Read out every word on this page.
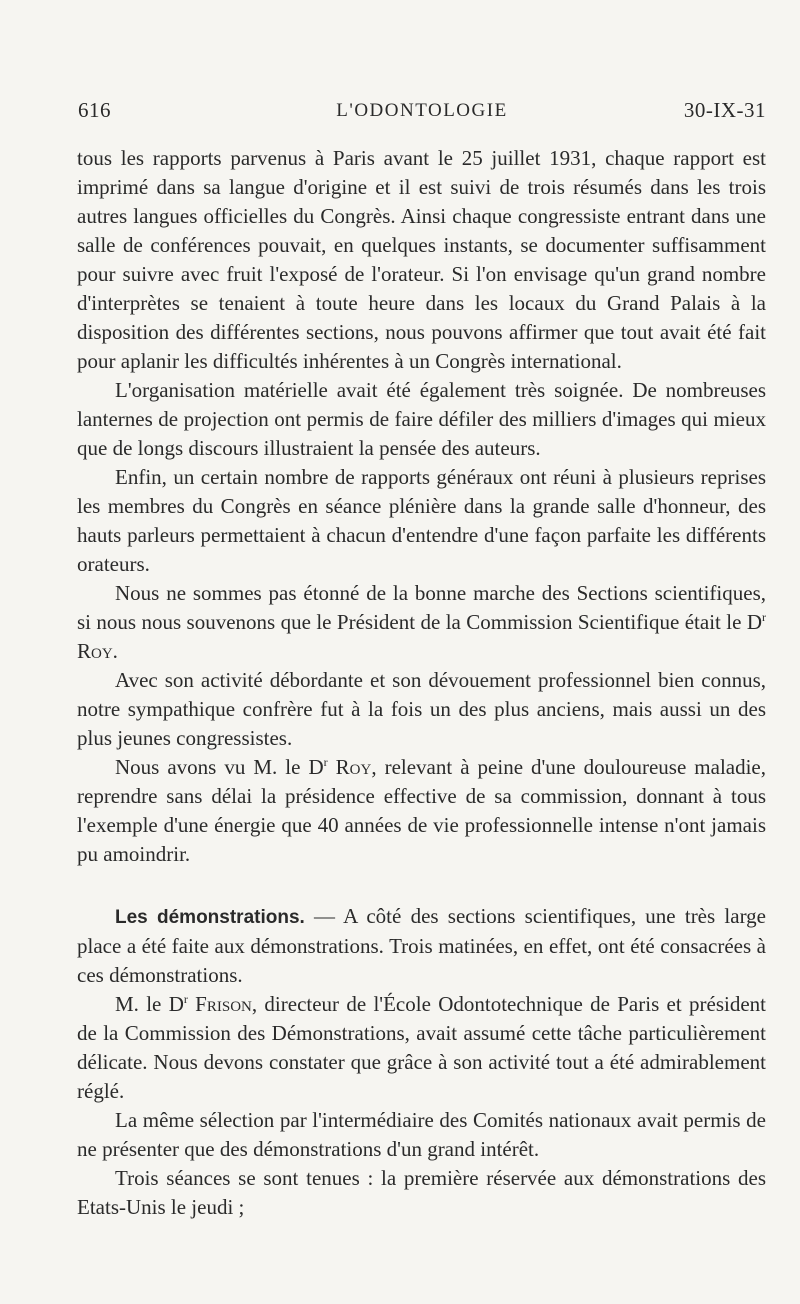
616	L'ODONTOLOGIE	30-IX-31

tous les rapports parvenus à Paris avant le 25 juillet 1931, chaque rapport est imprimé dans sa langue d'origine et il est suivi de trois résumés dans les trois autres langues officielles du Congrès. Ainsi chaque congressiste entrant dans une salle de conférences pouvait, en quelques instants, se documenter suffisamment pour suivre avec fruit l'exposé de l'orateur. Si l'on envisage qu'un grand nombre d'interprètes se tenaient à toute heure dans les locaux du Grand Palais à la disposition des différentes sections, nous pouvons affirmer que tout avait été fait pour aplanir les difficultés inhérentes à un Congrès international.

L'organisation matérielle avait été également très soignée. De nombreuses lanternes de projection ont permis de faire défiler des milliers d'images qui mieux que de longs discours illustraient la pensée des auteurs.

Enfin, un certain nombre de rapports généraux ont réuni à plusieurs reprises les membres du Congrès en séance plénière dans la grande salle d'honneur, des hauts parleurs permettaient à chacun d'entendre d'une façon parfaite les différents orateurs.

Nous ne sommes pas étonné de la bonne marche des Sections scientifiques, si nous nous souvenons que le Président de la Commission Scientifique était le $D^r$ Roy.

Avec son activité débordante et son dévouement professionnel bien connus, notre sympathique confrère fut à la fois un des plus anciens, mais aussi un des plus jeunes congressistes.

Nous avons vu M. le $D^r$ Roy, relevant à peine d'une douloureuse maladie, reprendre sans délai la présidence effective de sa commission, donnant à tous l'exemple d'une énergie que 40 années de vie professionnelle intense n'ont jamais pu amoindrir.

Les démonstrations. — A côté des sections scientifiques, une très large place a été faite aux démonstrations. Trois matinées, en effet, ont été consacrées à ces démonstrations.

M. le $D^r$ Frison, directeur de l'École Odontotechnique de Paris et président de la Commission des Démonstrations, avait assumé cette tâche particulièrement délicate. Nous devons constater que grâce à son activité tout a été admirablement réglé.

La même sélection par l'intermédiaire des Comités nationaux avait permis de ne présenter que des démonstrations d'un grand intérêt.

Trois séances se sont tenues : la première réservée aux démonstrations des Etats-Unis le jeudi ;
